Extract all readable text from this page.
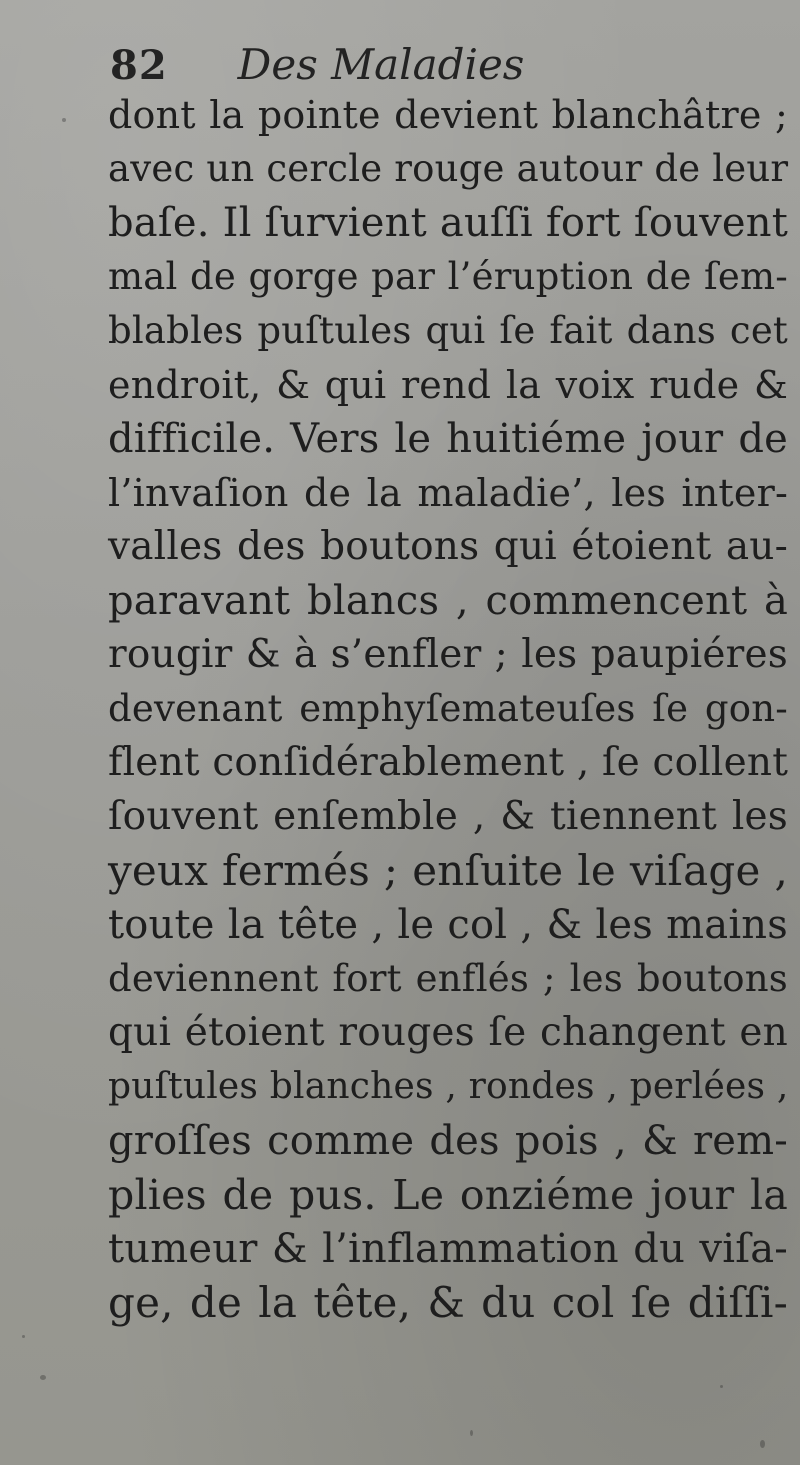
82 Des Maladies
dont la pointe devient blanchâtre ;
avec un cercle rouge autour de leur
baſe. Il ſurvient auſſi fort ſouvent
mal de gorge par l’éruption de ſem-
blables puſtules qui ſe fait dans cet
endroit, & qui rend la voix rude &
difficile. Vers le huitiéme jour de
l’invaſion de la maladie’, les inter-
valles des boutons qui étoient au-
paravant blancs , commencent à
rougir & à s’enfler ; les paupiéres
devenant emphyſemateuſes ſe gon-
flent conſidérablement , ſe collent
ſouvent enſemble , & tiennent les
yeux fermés ; enſuite le viſage ,
toute la tête , le col , & les mains
deviennent fort enflés ; les boutons
qui étoient rouges ſe changent en
puſtules blanches , rondes , perlées ,
groſſes comme des pois , & rem-
plies de pus. Le onziéme jour la
tumeur & l’inflammation du viſa-
ge, de la tête, & du col ſe diſſi-
